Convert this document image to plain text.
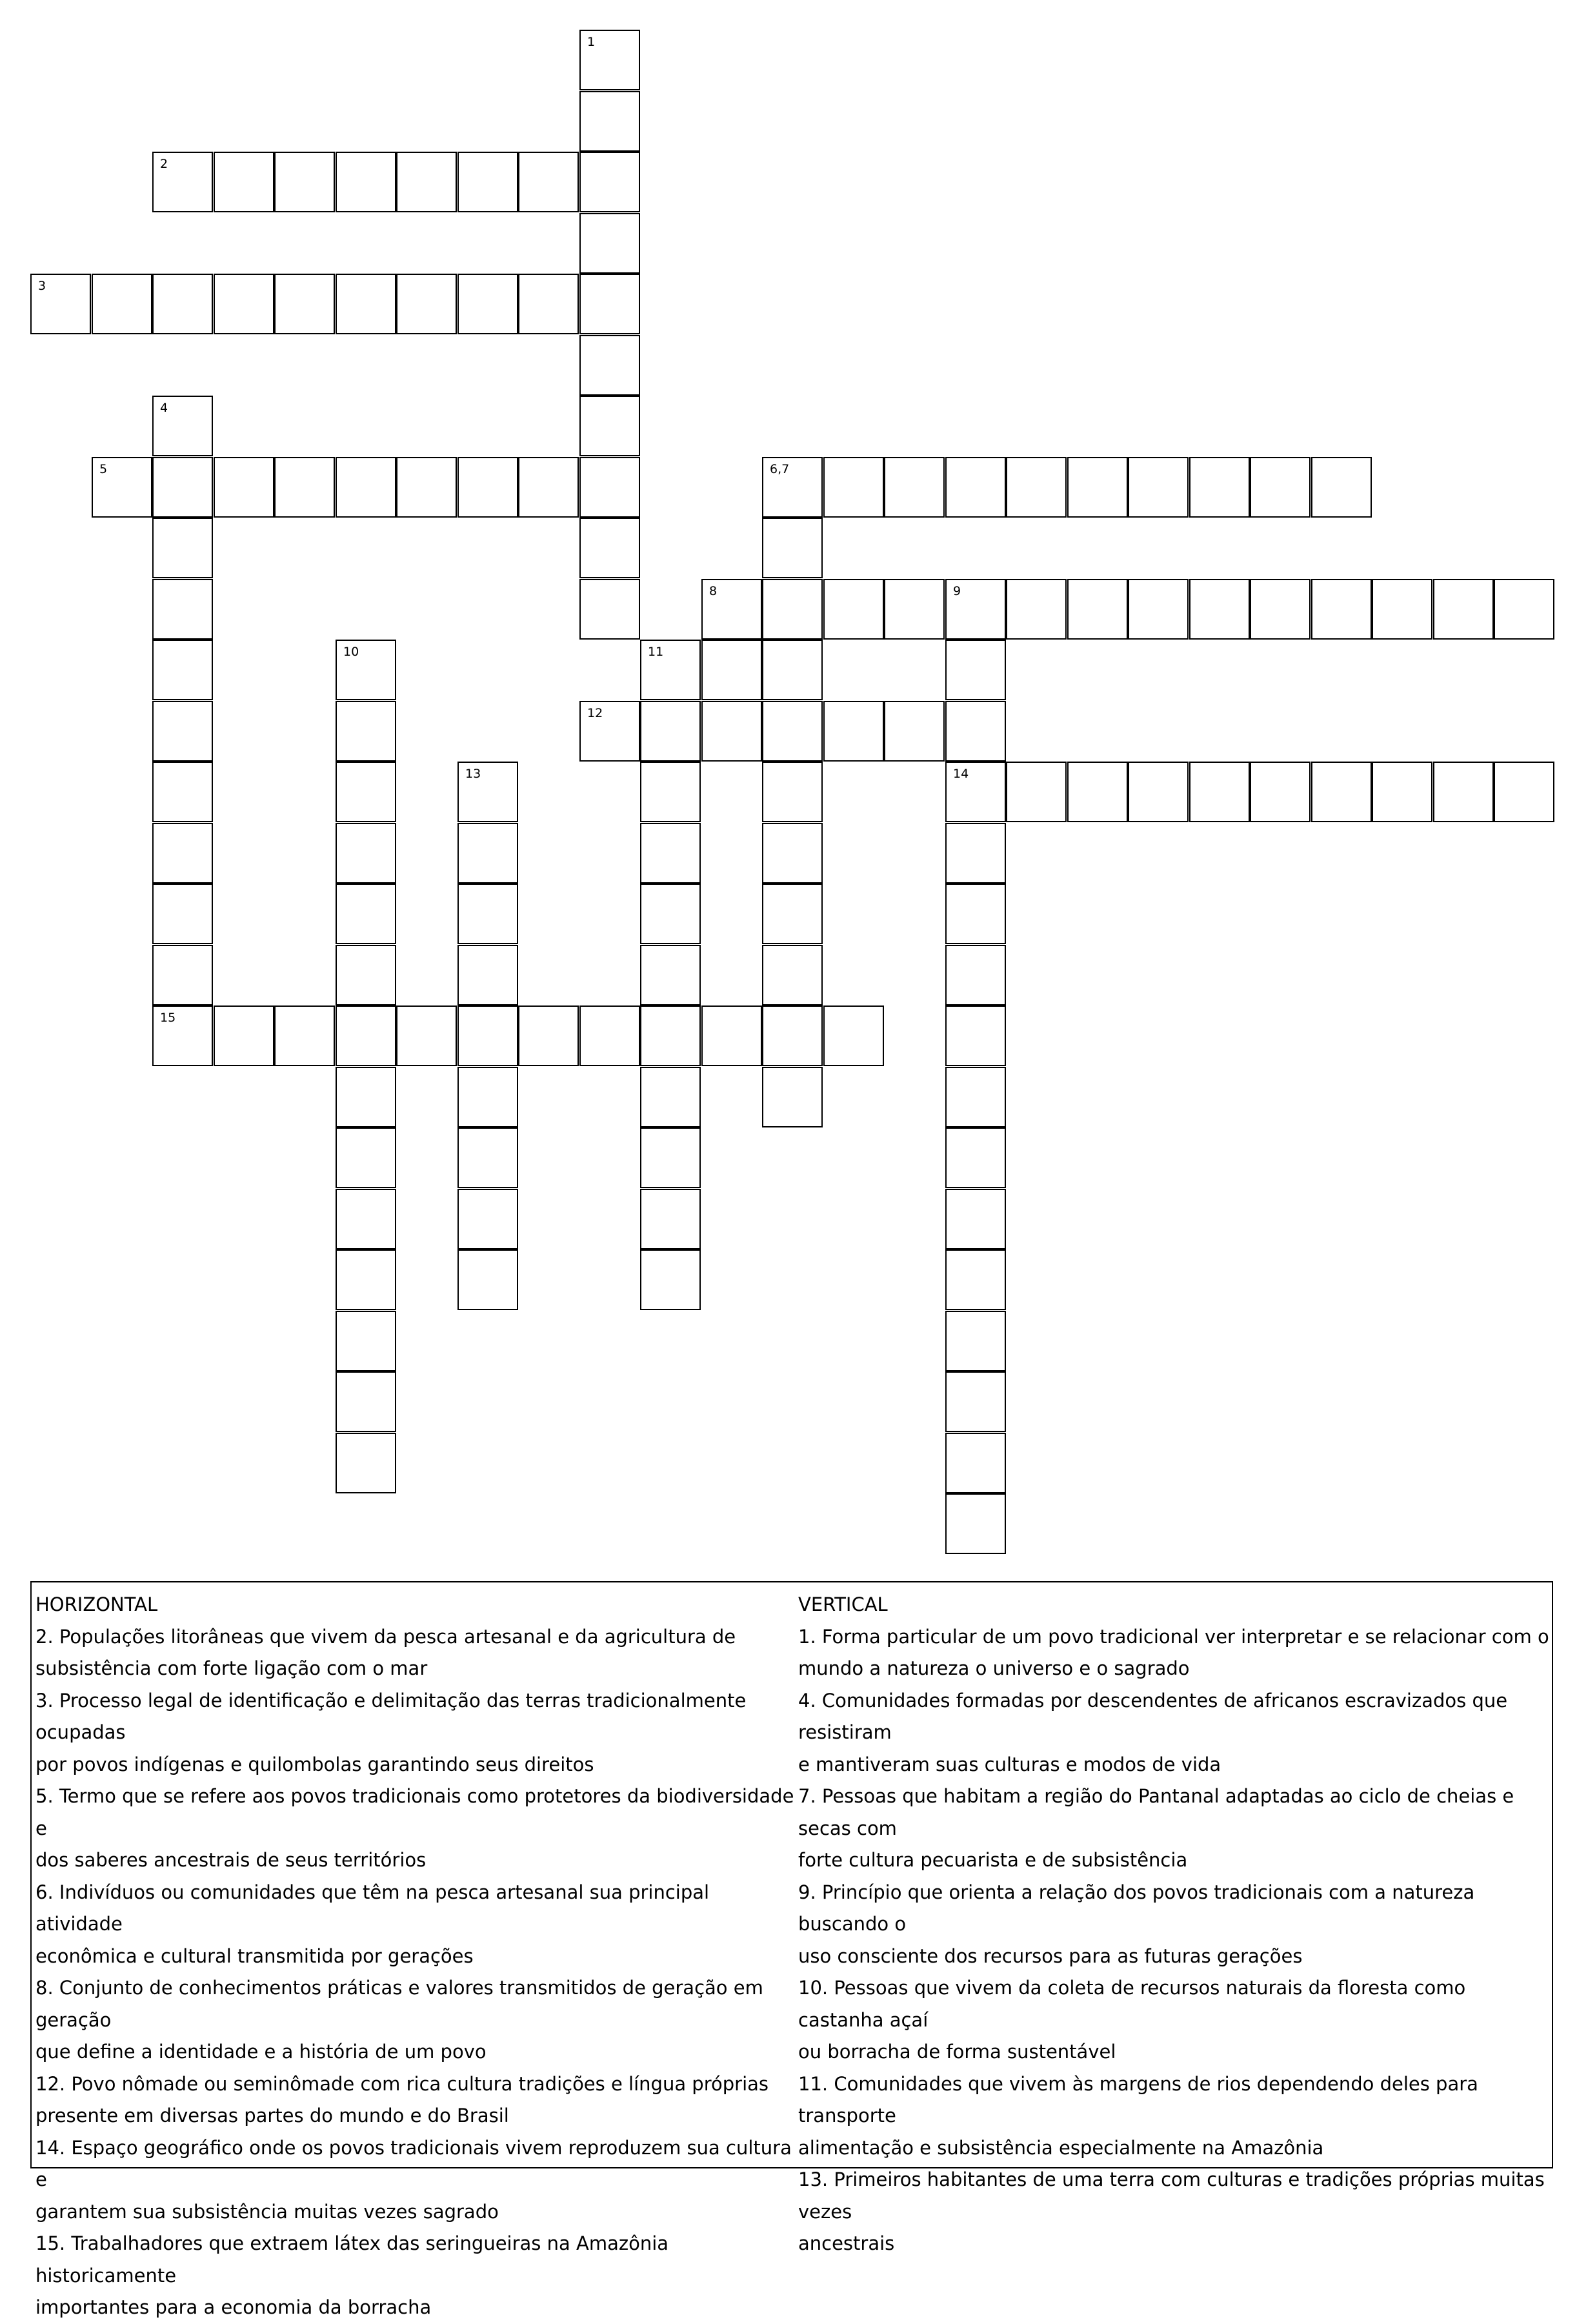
1
2
3
4
15
5	6,7
8	9
10	11
12
13	14

HORIZONTAL

2. Populações litorâneas que vivem da pesca artesanal e da agricultura de

subsistência com forte ligação com o mar

3. Processo legal de identificação e delimitação das terras tradicionalmente ocupadas

por povos indígenas e quilombolas garantindo seus direitos

5. Termo que se refere aos povos tradicionais como protetores da biodiversidade e

dos saberes ancestrais de seus territórios

6. Indivíduos ou comunidades que têm na pesca artesanal sua principal atividade

econômica e cultural transmitida por gerações

8. Conjunto de conhecimentos práticas e valores transmitidos de geração em geração

que define a identidade e a história de um povo

12. Povo nômade ou seminômade com rica cultura tradições e língua próprias

presente em diversas partes do mundo e do Brasil

14. Espaço geográfico onde os povos tradicionais vivem reproduzem sua cultura e

garantem sua subsistência muitas vezes sagrado

15. Trabalhadores que extraem látex das seringueiras na Amazônia historicamente

importantes para a economia da borracha

VERTICAL

1. Forma particular de um povo tradicional ver interpretar e se relacionar com o

mundo a natureza o universo e o sagrado

4. Comunidades formadas por descendentes de africanos escravizados que resistiram

e mantiveram suas culturas e modos de vida

7. Pessoas que habitam a região do Pantanal adaptadas ao ciclo de cheias e secas com

forte cultura pecuarista e de subsistência

9. Princípio que orienta a relação dos povos tradicionais com a natureza buscando o

uso consciente dos recursos para as futuras gerações

10. Pessoas que vivem da coleta de recursos naturais da floresta como castanha açaí

ou borracha de forma sustentável

11. Comunidades que vivem às margens de rios dependendo deles para transporte

alimentação e subsistência especialmente na Amazônia

13. Primeiros habitantes de uma terra com culturas e tradições próprias muitas vezes

ancestrais
